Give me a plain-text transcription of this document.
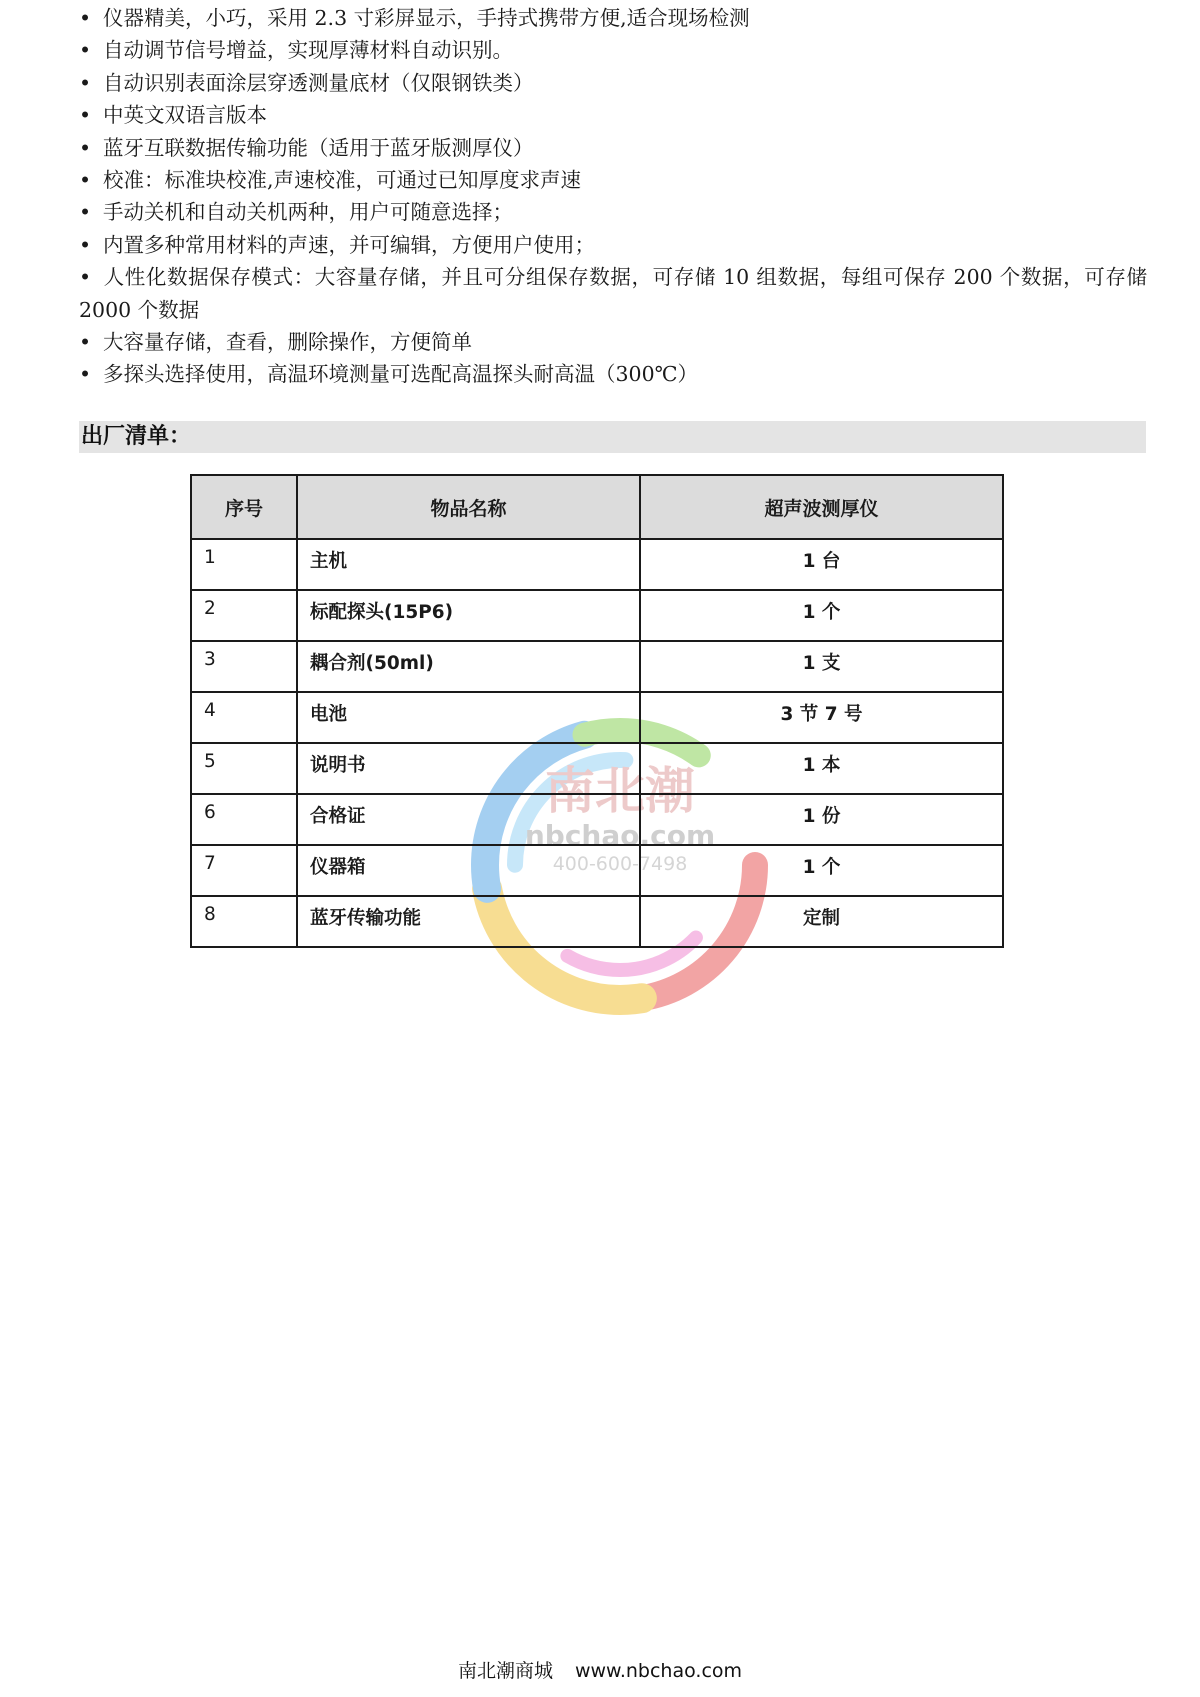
• 仪器精美，小巧，采用 2.3 寸彩屏显示，手持式携带方便,适合现场检测
• 自动调节信号增益，实现厚薄材料自动识别。
• 自动识别表面涂层穿透测量底材（仅限钢铁类）
• 中英文双语言版本
• 蓝牙互联数据传输功能（适用于蓝牙版测厚仪）
• 校准：标准块校准,声速校准，可通过已知厚度求声速
• 手动关机和自动关机两种，用户可随意选择；
• 内置多种常用材料的声速，并可编辑，方便用户使用；
• 人性化数据保存模式：大容量存储，并且可分组保存数据，可存储 10 组数据，每组可保存 200 个数据，可存储 2000 个数据
• 大容量存储，查看，删除操作，方便简单
• 多探头选择使用，高温环境测量可选配高温探头耐高温（300℃）
出厂清单：
南北潮
nbchao.com
400-600-7498
序号	物品名称	超声波测厚仪
1	主机	1 台
2	标配探头(15P6)	1 个
3	耦合剂(50ml)	1 支
4	电池	3 节 7 号
5	说明书	1 本
6	合格证	1 份
7	仪器箱	1 个
8	蓝牙传输功能	定制
南北潮商城 www.nbchao.com
